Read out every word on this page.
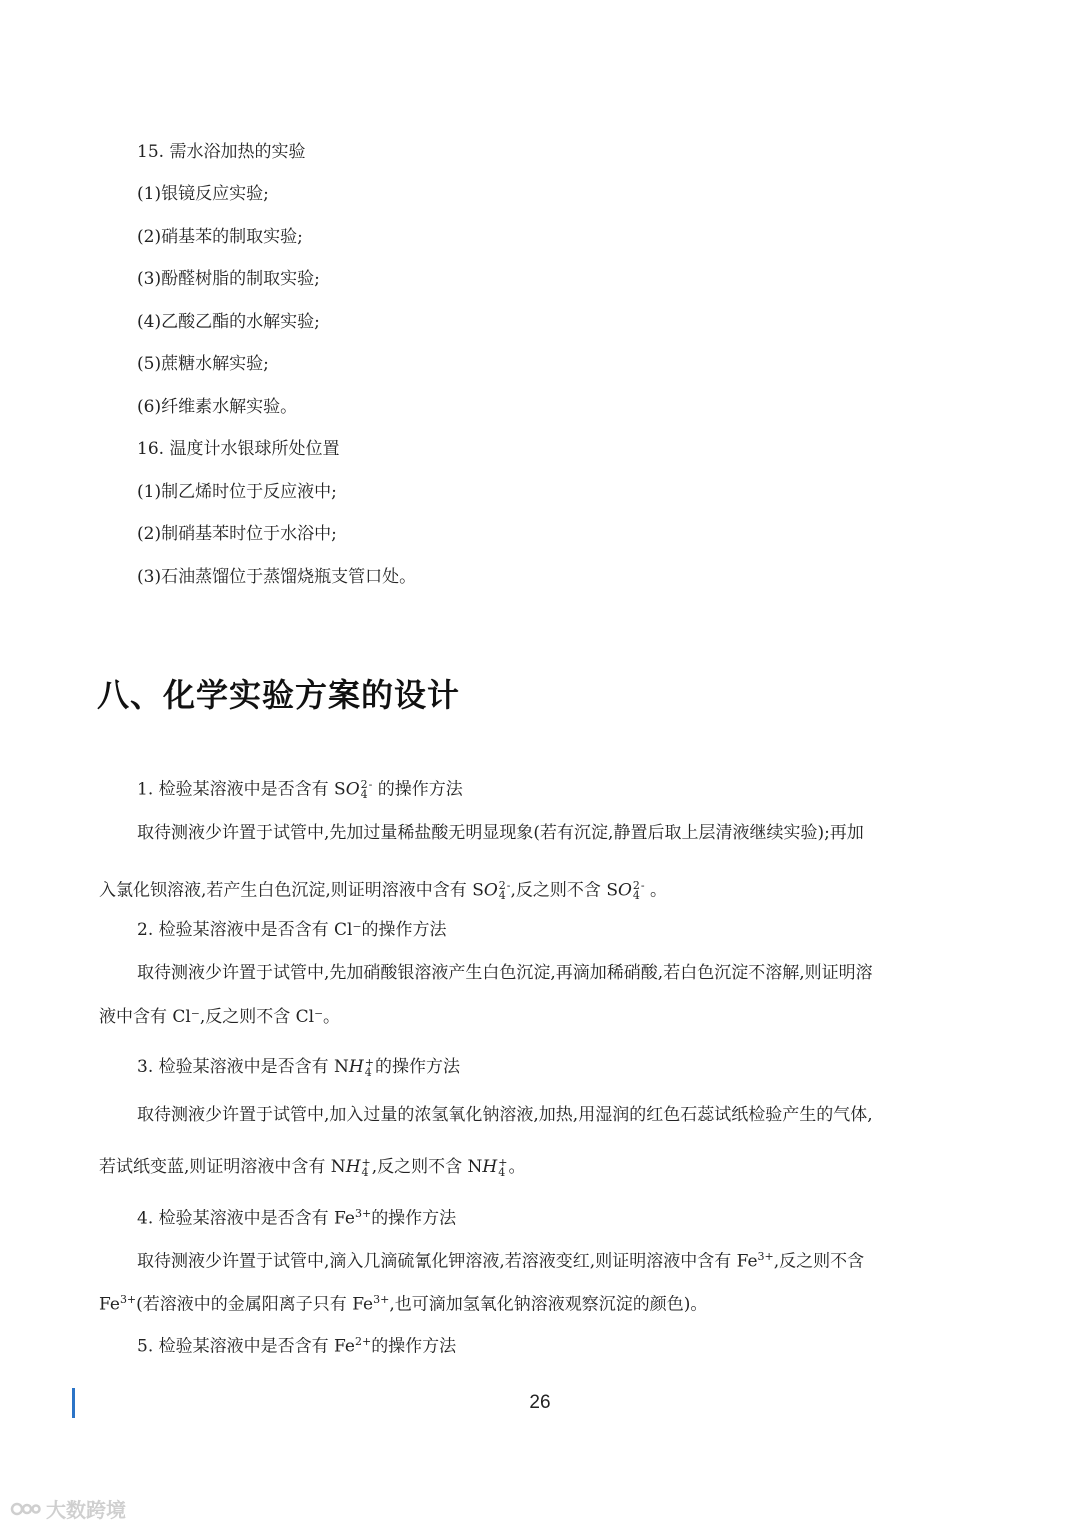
15. 需水浴加热的实验
(1)银镜反应实验;
(2)硝基苯的制取实验;
(3)酚醛树脂的制取实验;
(4)乙酸乙酯的水解实验;
(5)蔗糖水解实验;
(6)纤维素水解实验。
16. 温度计水银球所处位置
(1)制乙烯时位于反应液中;
(2)制硝基苯时位于水浴中;
(3)石油蒸馏位于蒸馏烧瓶支管口处。
八、化学实验方案的设计
1. 检验某溶液中是否含有 SO 2
4
- 的操作方法
取待测液少许置于试管中,先加过量稀盐酸无明显现象(若有沉淀,静置后取上层清液继续实验);再加
入氯化钡溶液,若产生白色沉淀,则证明溶液中含有 SO 2
4
-,反之则不含 SO 2
4
- 。
2. 检验某溶液中是否含有 Cl⁻的操作方法
取待测液少许置于试管中,先加硝酸银溶液产生白色沉淀,再滴加稀硝酸,若白色沉淀不溶解,则证明溶
液中含有 Cl⁻,反之则不含 Cl⁻。
3. 检验某溶液中是否含有 NH +
4 的操作方法
取待测液少许置于试管中,加入过量的浓氢氧化钠溶液,加热,用湿润的红色石蕊试纸检验产生的气体,
若试纸变蓝,则证明溶液中含有 NH +
4 ,反之则不含 NH +
4 。
4. 检验某溶液中是否含有 $Fe^{3+}$的操作方法
取待测液少许置于试管中,滴入几滴硫氰化钾溶液,若溶液变红,则证明溶液中含有 $Fe^{3+}$,反之则不含
$Fe^{3+}$(若溶液中的金属阳离子只有 $Fe^{3+}$,也可滴加氢氧化钠溶液观察沉淀的颜色)。
5. 检验某溶液中是否含有 $Fe^{2+}$的操作方法
26
大数跨境
